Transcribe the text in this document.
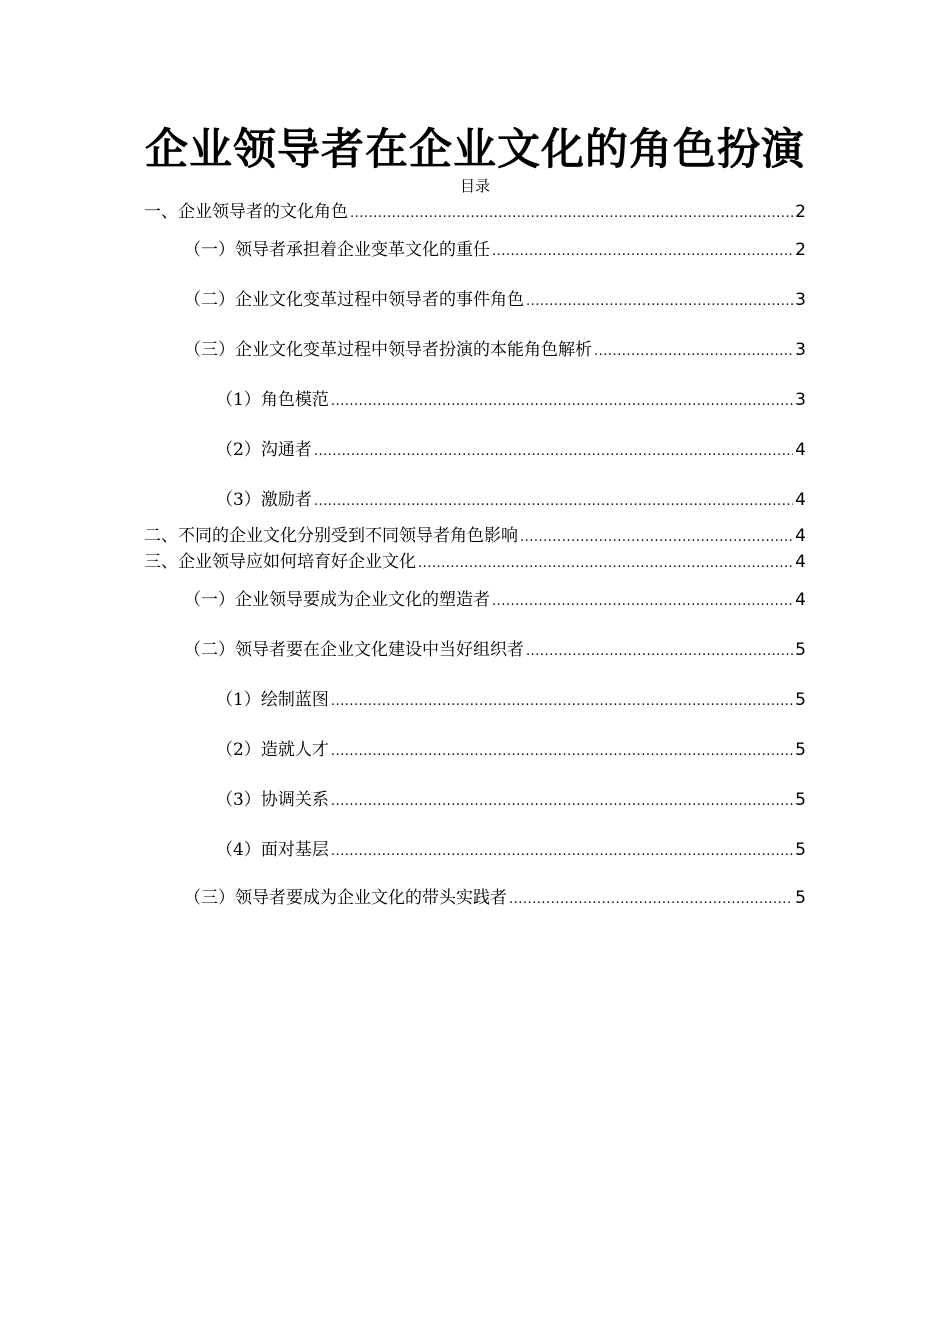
企业领导者在企业文化的角色扮演
目录
一、企业领导者的文化角色 .....	2
（一）领导者承担着企业变革文化的重任 .....	2
（二）企业文化变革过程中领导者的事件角色 .....	3
（三）企业文化变革过程中领导者扮演的本能角色解析 .....	3
（1）角色模范 .....	3
（2）沟通者 .....	4
（3）激励者 .....	4
二、不同的企业文化分别受到不同领导者角色影响 .....	4
三、企业领导应如何培育好企业文化 .....	4
（一）企业领导要成为企业文化的塑造者 .....	4
（二）领导者要在企业文化建设中当好组织者 .....	5
（1）绘制蓝图 .....	5
（2）造就人才 .....	5
（3）协调关系 .....	5
（4）面对基层 .....	5
（三）领导者要成为企业文化的带头实践者 .....	5
